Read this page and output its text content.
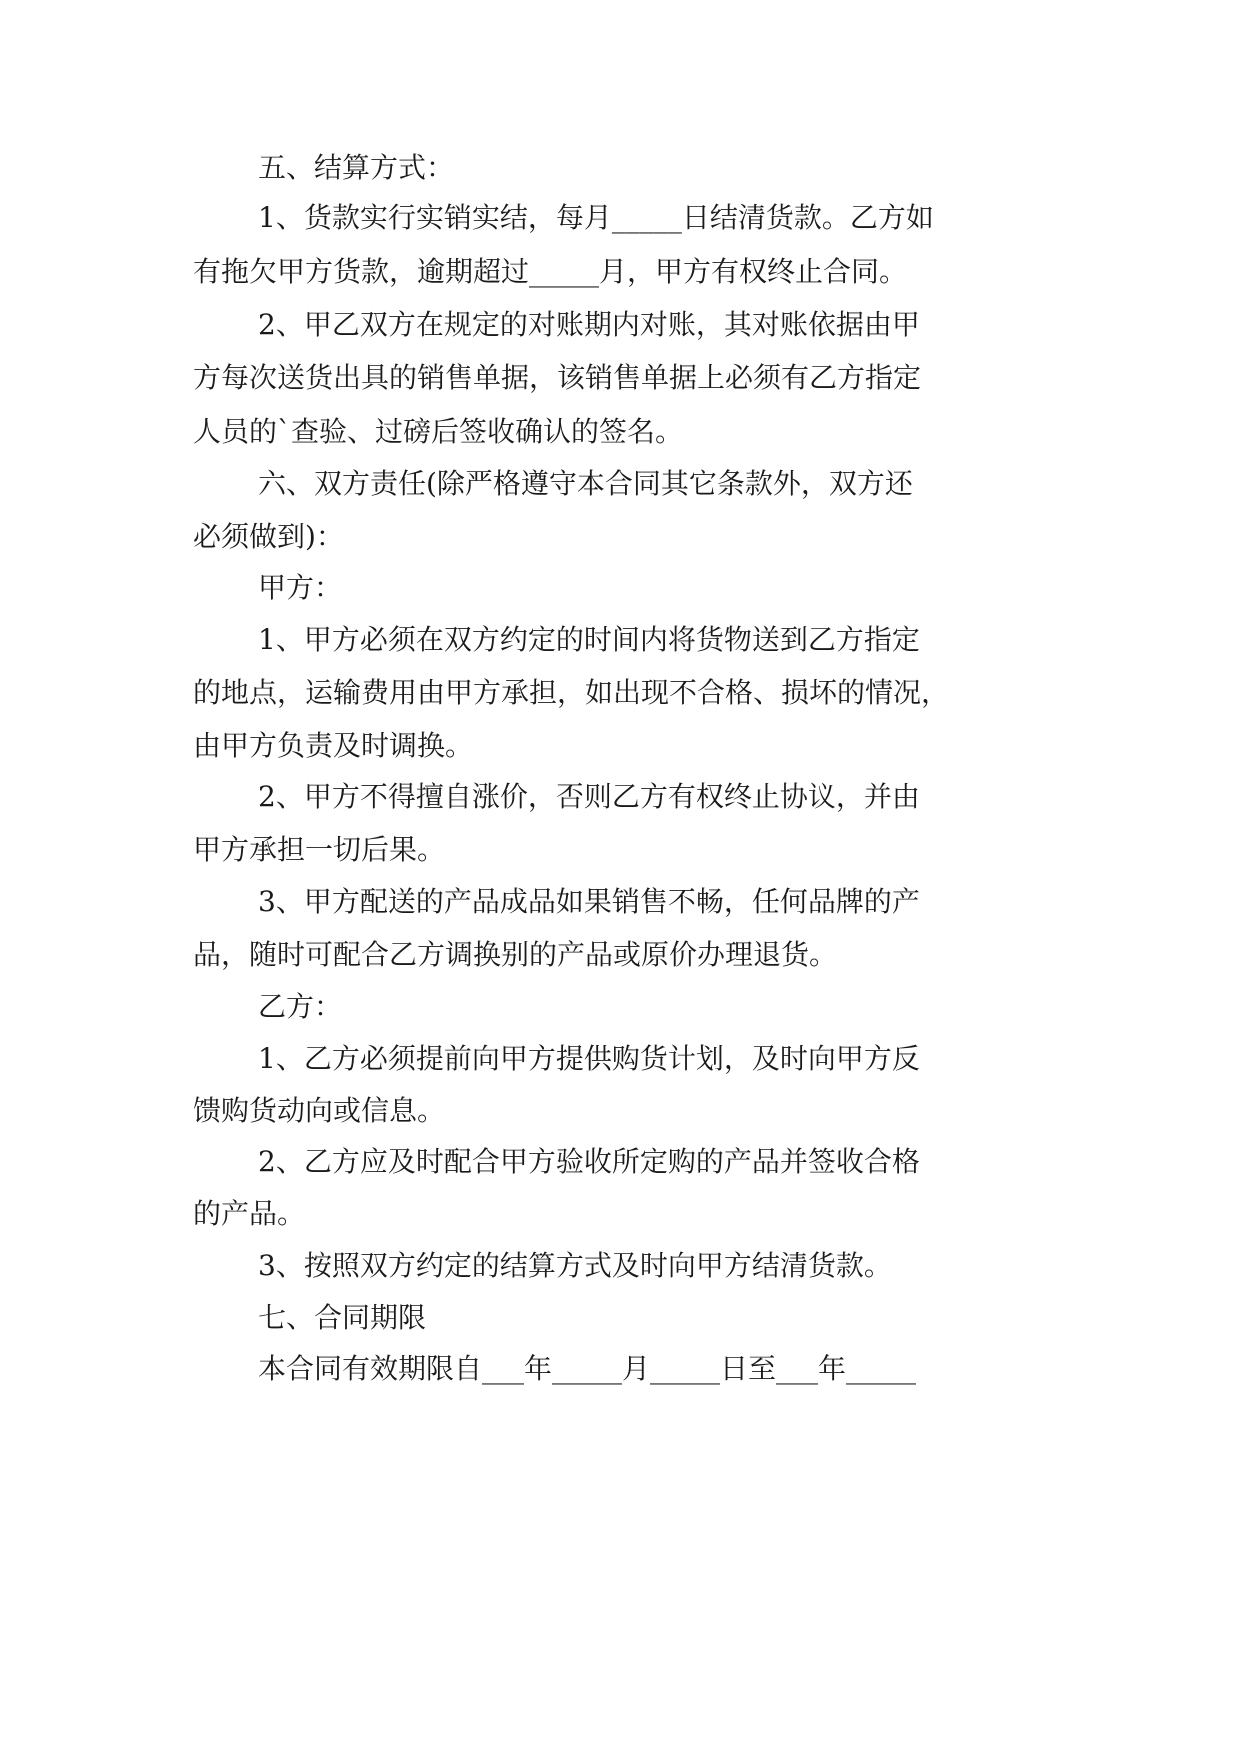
五、结算方式：
1、货款实行实销实结，每月_____日结清货款。乙方如
有拖欠甲方货款，逾期超过_____月，甲方有权终止合同。
2、甲乙双方在规定的对账期内对账，其对账依据由甲
方每次送货出具的销售单据，该销售单据上必须有乙方指定
人员的`查验、过磅后签收确认的签名。
六、双方责任(除严格遵守本合同其它条款外，双方还
必须做到)：
甲方：
1、甲方必须在双方约定的时间内将货物送到乙方指定
的地点，运输费用由甲方承担，如出现不合格、损坏的情况，
由甲方负责及时调换。
2、甲方不得擅自涨价，否则乙方有权终止协议，并由
甲方承担一切后果。
3、甲方配送的产品成品如果销售不畅，任何品牌的产
品，随时可配合乙方调换别的产品或原价办理退货。
乙方：
1、乙方必须提前向甲方提供购货计划，及时向甲方反
馈购货动向或信息。
2、乙方应及时配合甲方验收所定购的产品并签收合格
的产品。
3、按照双方约定的结算方式及时向甲方结清货款。
七、合同期限
本合同有效期限自___年_____月_____日至___年_____
